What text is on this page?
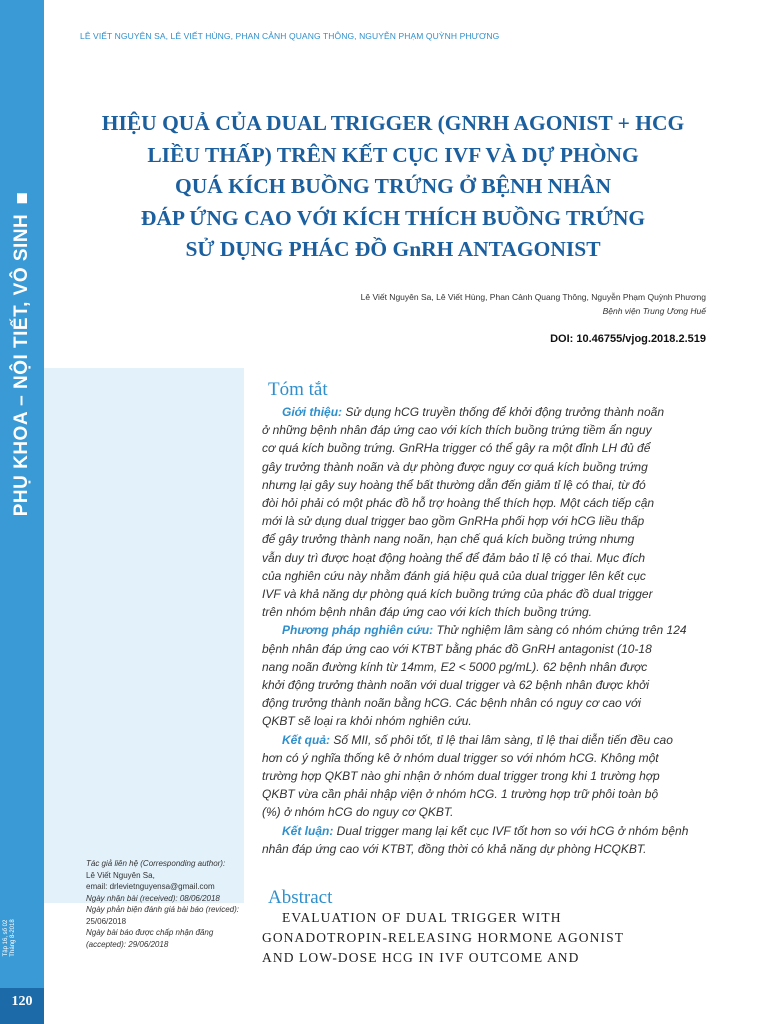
PHỤ KHOA – NỘI TIẾT, VÔ SINH
Tập 16, số 02 Tháng 8-2018
120
LÊ VIẾT NGUYÊN SA, LÊ VIẾT HÙNG, PHAN CẢNH QUANG THÔNG, NGUYỄN PHẠM QUỲNH PHƯƠNG
HIỆU QUẢ CỦA DUAL TRIGGER (GNRH AGONIST + HCG
LIỀU THẤP) TRÊN KẾT CỤC IVF VÀ DỰ PHÒNG
QUÁ KÍCH BUỒNG TRỨNG Ở BỆNH NHÂN
ĐÁP ỨNG CAO VỚI KÍCH THÍCH BUỒNG TRỨNG
SỬ DỤNG PHÁC ĐỒ GnRH ANTAGONIST
Lê Viết Nguyên Sa, Lê Viết Hùng, Phan Cảnh Quang Thông, Nguyễn Phạm Quỳnh Phương
Bệnh viện Trung Ương Huế
DOI: 10.46755/vjog.2018.2.519
Tóm tắt
Giới thiệu: Sử dụng hCG truyền thống để khởi động trưởng thành noãn
ở những bệnh nhân đáp ứng cao với kích thích buồng trứng tiềm ẩn nguy
cơ quá kích buồng trứng. GnRHa trigger có thể gây ra một đỉnh LH đủ để
gây trưởng thành noãn và dự phòng được nguy cơ quá kích buồng trứng
nhưng lại gây suy hoàng thể bất thường dẫn đến giảm tỉ lệ có thai, từ đó
đòi hỏi phải có một phác đồ hỗ trợ hoàng thể thích hợp. Một cách tiếp cận
mới là sử dụng dual trigger bao gồm GnRHa phối hợp với hCG liều thấp
để gây trưởng thành nang noãn, hạn chế quá kích buồng trứng nhưng
vẫn duy trì được hoạt động hoàng thể để đảm bảo tỉ lệ có thai. Mục đích
của nghiên cứu này nhằm đánh giá hiệu quả của dual trigger lên kết cục
IVF và khả năng dự phòng quá kích buồng trứng của phác đồ dual trigger
trên nhóm bệnh nhân đáp ứng cao với kích thích buồng trứng.
Phương pháp nghiên cứu: Thử nghiệm lâm sàng có nhóm chứng trên 124
bệnh nhân đáp ứng cao với KTBT bằng phác đồ GnRH antagonist (10-18
nang noãn đường kính từ 14mm, E2 < 5000 pg/mL). 62 bệnh nhân được
khởi động trưởng thành noãn với dual trigger và 62 bệnh nhân được khởi
động trưởng thành noãn bằng hCG. Các bệnh nhân có nguy cơ cao với
QKBT sẽ loại ra khỏi nhóm nghiên cứu.
Kết quả: Số MII, số phôi tốt, tỉ lệ thai lâm sàng, tỉ lệ thai diễn tiến đều cao
hơn có ý nghĩa thống kê ở nhóm dual trigger so với nhóm hCG. Không một
trường hợp QKBT nào ghi nhận ở nhóm dual trigger trong khi 1 trường hợp
QKBT vừa cần phải nhập viện ở nhóm hCG. 1 trường hợp trữ phôi toàn bộ
(%) ở nhóm hCG do nguy cơ QKBT.
Kết luận: Dual trigger mang lại kết cục IVF tốt hơn so với hCG ở nhóm bệnh
nhân đáp ứng cao với KTBT, đồng thời có khả năng dự phòng HCQKBT.
Abstract
EVALUATION OF DUAL TRIGGER WITH
GONADOTROPIN-RELEASING HORMONE AGONIST
AND LOW-DOSE HCG IN IVF OUTCOME AND
Tác giả liên hệ (Corresponding author):
Lê Viết Nguyên Sa,
email: drlevietnguyensa@gmail.com
Ngày nhận bài (received): 08/06/2018
Ngày phản biện đánh giá bài báo (reviced):
25/06/2018
Ngày bài báo được chấp nhận đăng
(accepted): 29/06/2018
